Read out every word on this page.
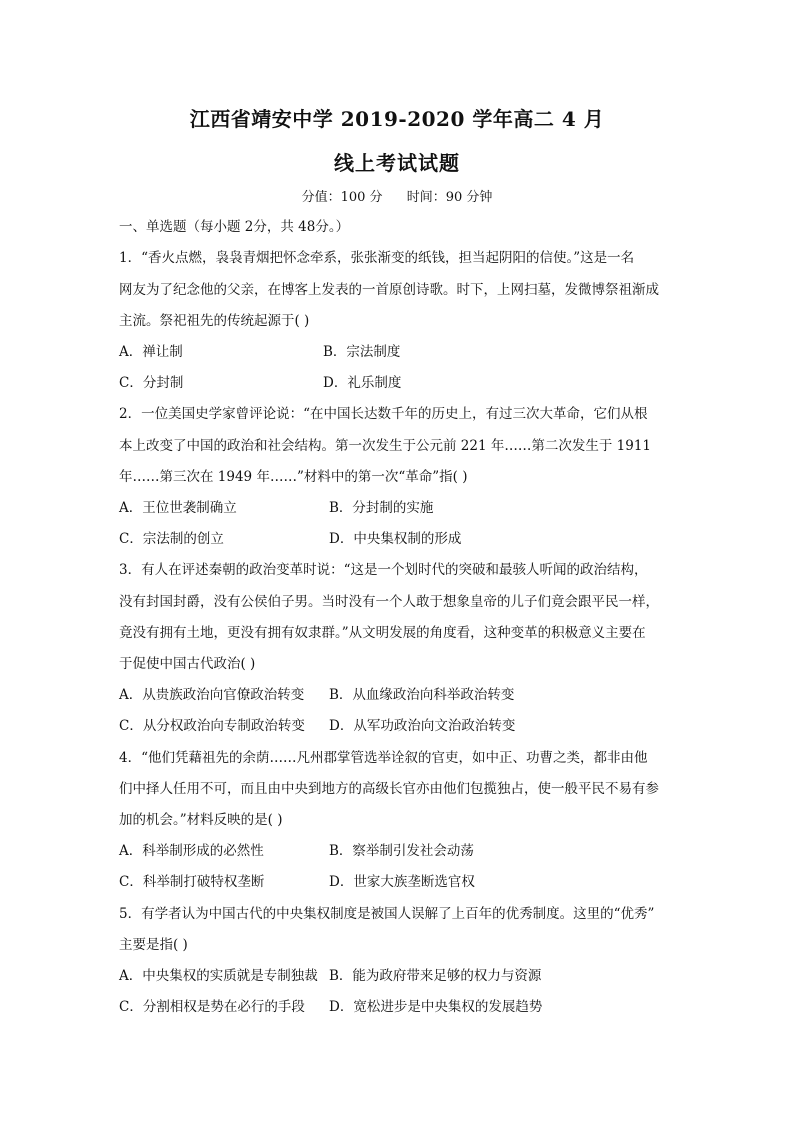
江西省靖安中学 2019-2020 学年高二 4 月
线上考试试题
分值：100 分 时间：90 分钟
一、单选题（每小题 2分，共 48分。）
1．“香火点燃，袅袅青烟把怀念牵系，张张渐变的纸钱，担当起阴阳的信使。”这是一名
网友为了纪念他的父亲，在博客上发表的一首原创诗歌。时下，上网扫墓，发微博祭祖渐成
主流。祭祀祖先的传统起源于( )
A．禅让制	B．宗法制度
C．分封制	D．礼乐制度
2．一位美国史学家曾评论说：“在中国长达数千年的历史上，有过三次大革命，它们从根
本上改变了中国的政治和社会结构。第一次发生于公元前 221 年……第二次发生于 1911
年……第三次在 1949 年……”材料中的第一次“革命”指( )
A．王位世袭制确立	B．分封制的实施
C．宗法制的创立	D．中央集权制的形成
3．有人在评述秦朝的政治变革时说：“这是一个划时代的突破和最骇人听闻的政治结构，
没有封国封爵，没有公侯伯子男。当时没有一个人敢于想象皇帝的儿子们竟会跟平民一样，
竟没有拥有土地，更没有拥有奴隶群。”从文明发展的角度看，这种变革的积极意义主要在
于促使中国古代政治( )
A．从贵族政治向官僚政治转变 B．从血缘政治向科举政治转变
C．从分权政治向专制政治转变 D．从军功政治向文治政治转变
4．“他们凭藉祖先的余荫……凡州郡掌管选举诠叙的官吏，如中正、功曹之类，都非由他
们中择人任用不可，而且由中央到地方的高级长官亦由他们包揽独占，使一般平民不易有参
加的机会。”材料反映的是( )
A．科举制形成的必然性	B．察举制引发社会动荡
C．科举制打破特权垄断	D．世家大族垄断选官权
5．有学者认为中国古代的中央集权制度是被国人误解了上百年的优秀制度。这里的“优秀”
主要是指( )
A．中央集权的实质就是专制独裁 B．能为政府带来足够的权力与资源
C．分割相权是势在必行的手段 D．宽松进步是中央集权的发展趋势
